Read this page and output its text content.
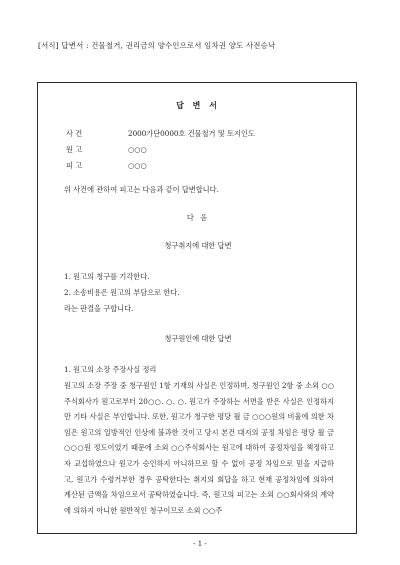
[서식] 답변서 : 건물철거, 권리금의 양수인으로서 임차권 양도 사전승낙
답 변 서
사 건	2000가단0000호 건물철거 및 토지인도
원 고	○○○
피 고	○○○
위 사건에 관하여 피고는 다음과 같이 답변합니다.
다 음
청구취지에 대한 답변
1. 원고의 청구를 기각한다.
2. 소송비용은 원고의 부담으로 한다.
라는 판결을 구합니다.
청구원인에 대한 답변
1. 원고의 소장 주장사실 정리
원고의 소장 주장 중 청구원인 1항 기재의 사실은 인정하며, 청구원인 2항 중 소외 ○○주식회사가 원고로부터 20○○. ○. ○. 원고가 주장하는 서면을 받은 사실은 인정하지만 기타 사실은 부인합니다. 또한, 원고가 청구한 평당 월 금 ○○○원의 비율에 의한 차임은 원고의 일방적인 인상에 불과한 것이고 당시 본건 대지의 공정 차임은 평당 월 금 ○○○원 정도이었기 때문에 소외 ○○주식회사는 원고에 대하여 공정차임을 책정하고자 교섭하였으나 원고가 승인하지 아니하므로 할 수 없이 공정 차임으로 믿을 지급하고, 원고가 수령거부한 경우 공탁한다는 취지의 회답을 하고 현재 공정차임에 의하여 계산된 금액을 차임으로서 공탁하였습니다. 즉, 원고의 피고는 소외 ○○회사와의 계약에 의하지 아니한 원반적인 청구이므로 소외 ○○주
- 1 -
